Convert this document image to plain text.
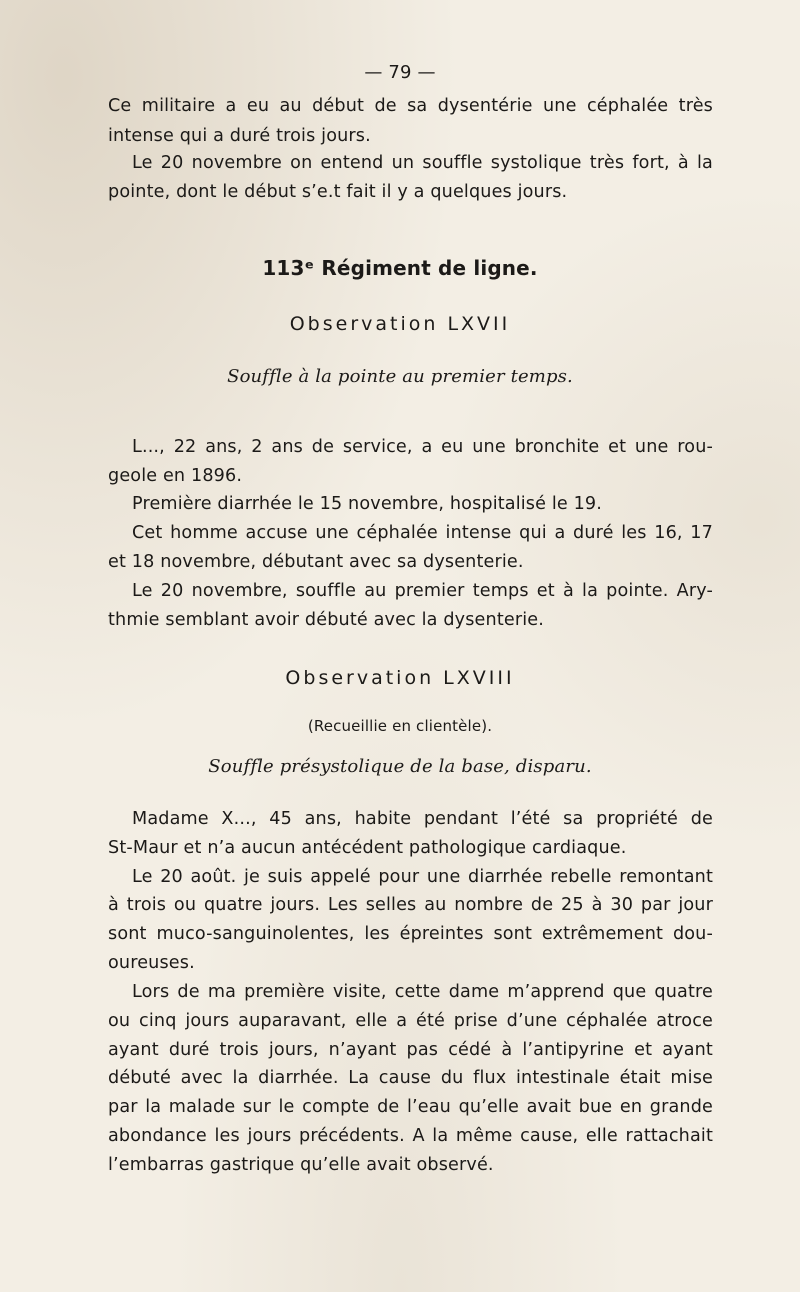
— 79 —
Ce militaire a eu au début de sa dysentérie une céphalée très
intense qui a duré trois jours.
Le 20 novembre on entend un souffle systolique très fort, à la
pointe, dont le début s’e.t fait il y a quelques jours.
113ᵉ Régiment de ligne.
Observation LXVII
Souffle à la pointe au premier temps.
L..., 22 ans, 2 ans de service, a eu une bronchite et une rou-
geole en 1896.
Première diarrhée le 15 novembre, hospitalisé le 19.
Cet homme accuse une céphalée intense qui a duré les 16, 17
et 18 novembre, débutant avec sa dysenterie.
Le 20 novembre, souffle au premier temps et à la pointe. Ary-
thmie semblant avoir débuté avec la dysenterie.
Observation LXVIII
(Recueillie en clientèle).
Souffle présystolique de la base, disparu.
Madame X..., 45 ans, habite pendant l’été sa propriété de
St-Maur et n’a aucun antécédent pathologique cardiaque.
Le 20 août. je suis appelé pour une diarrhée rebelle remontant
à trois ou quatre jours. Les selles au nombre de 25 à 30 par jour
sont muco-sanguinolentes, les épreintes sont extrêmement dou-
oureuses.
Lors de ma première visite, cette dame m’apprend que quatre
ou cinq jours auparavant, elle a été prise d’une céphalée atroce
ayant duré trois jours, n’ayant pas cédé à l’antipyrine et ayant
débuté avec la diarrhée. La cause du flux intestinale était mise
par la malade sur le compte de l’eau qu’elle avait bue en grande
abondance les jours précédents. A la même cause, elle rattachait
l’embarras gastrique qu’elle avait observé.
